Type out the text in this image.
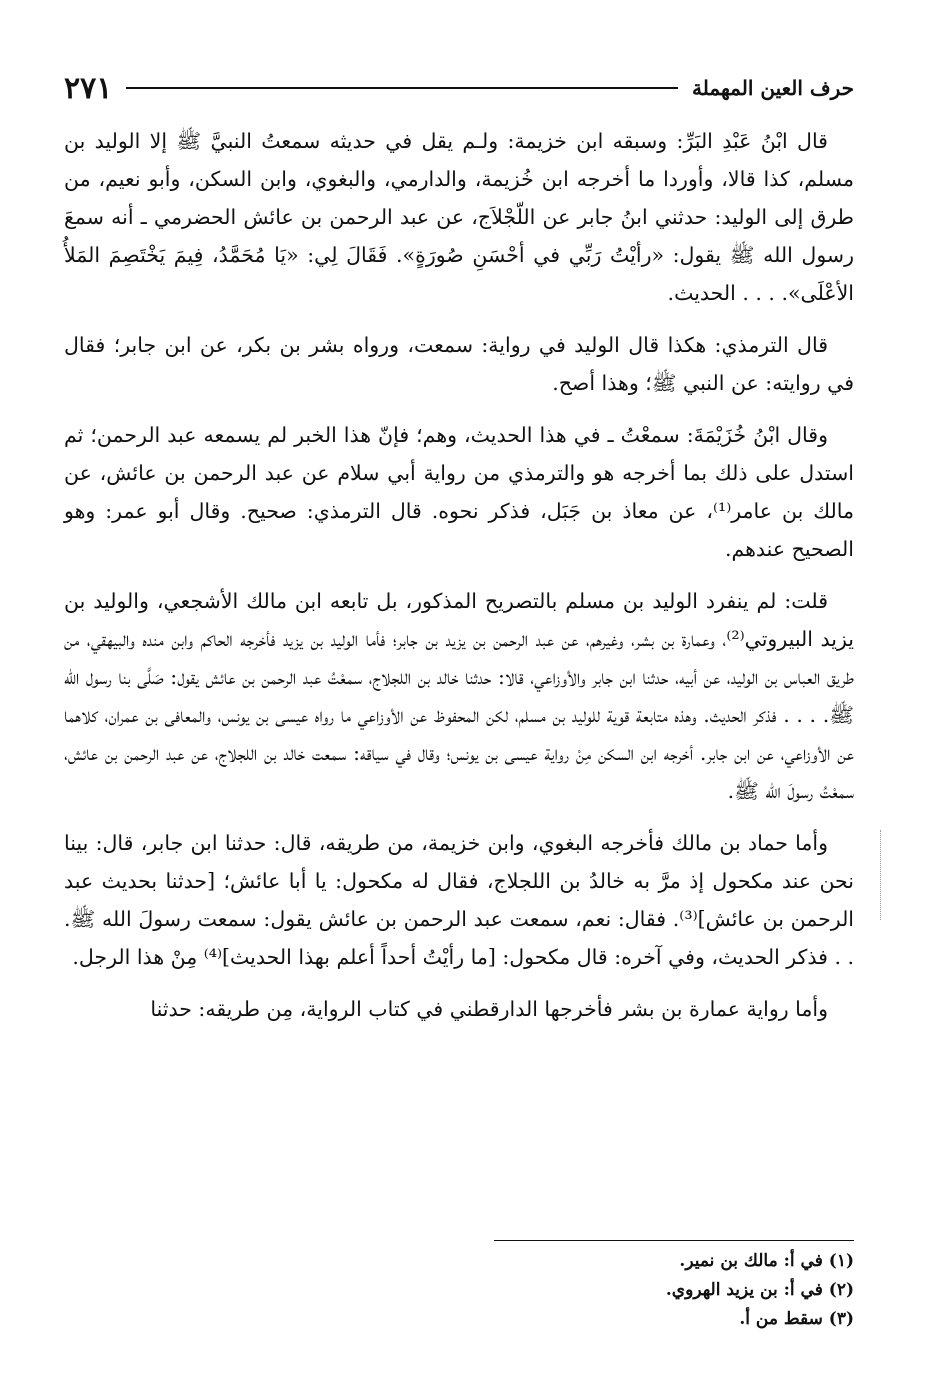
حرف العين المهملة
٢٧١

قال ابْنُ عَبْدِ البَرِّ: وسبقه ابن خزيمة: ولـم يقل في حديثه سمعتُ النبيَّ ﷺ إلا الوليد بن مسلم، كذا قالا، وأوردا ما أخرجه ابن خُزيمة، والدارمي، والبغوي، وابن السكن، وأبو نعيم، من طرق إلى الوليد: حدثني ابنُ جابر عن اللّجْلاَج، عن عبد الرحمن بن عائش الحضرمي ـ أنه سمعَ رسول الله ﷺ يقول: «رأيْتُ رَبِّي في أحْسَنِ صُورَةٍ». فَقَالَ لِي: «يَا مُحَمَّدُ، فِيمَ يَخْتَصِمَ المَلأُ الأعْلَى». . . . الحديث.

قال الترمذي: هكذا قال الوليد في رواية: سمعت، ورواه بشر بن بكر، عن ابن جابر؛ فقال في روايته: عن النبي ﷺ؛ وهذا أصح.

وقال ابْنُ خُزَيْمَةَ: سمعْتُ ـ في هذا الحديث، وهم؛ فإنّ هذا الخبر لم يسمعه عبد الرحمن؛ ثم استدل على ذلك بما أخرجه هو والترمذي من رواية أبي سلام عن عبد الرحمن بن عائش، عن مالك بن عامر⁽¹⁾، عن معاذ بن جَبَل، فذكر نحوه. قال الترمذي: صحيح. وقال أبو عمر: وهو الصحيح عندهم.

قلت: لم ينفرد الوليد بن مسلم بالتصريح المذكور، بل تابعه ابن مالك الأشجعي، والوليد بن يزيد البيروتي⁽²⁾، وعمارة بن بشر، وغيرهم، عن عبد الرحمن بن يزيد بن جابر؛ فأما الوليد بن يزيد فأخرجه الحاكم وابن منده والبيهقي، من طريق العباس بن الوليد، عن أبيه، حدثنا ابن جابر والأوزاعي، قالا: حدثنا خالد بن اللجلاج، سمعْتُ عبد الرحمن بن عائش يقول: صَلَّى بنا رسول الله ﷺ. . . . فذكر الحديث. وهذه متابعة قوية للوليد بن مسلم، لكن المحفوظ عن الأوزاعي ما رواه عيسى بن يونس، والمعافى بن عمران، كلاهما عن الأوزاعي، عن ابن جابر. أخرجه ابن السكن مِنْ رواية عيسى بن يونس؛ وقال في سياقه: سمعت خالد بن اللجلاج، عن عبد الرحمن بن عائش، سمعْتُ رسولَ الله ﷺ.

وأما حماد بن مالك فأخرجه البغوي، وابن خزيمة، من طريقه، قال: حدثنا ابن جابر، قال: بينا نحن عند مكحول إذ مرَّ به خالدُ بن اللجلاج، فقال له مكحول: يا أبا عائش؛ [حدثنا بحديث عبد الرحمن بن عائش]⁽³⁾. فقال: نعم، سمعت عبد الرحمن بن عائش يقول: سمعت رسولَ الله ﷺ. . . فذكر الحديث، وفي آخره: قال مكحول: [ما رأيْتُ أحداً أعلم بهذا الحديث]⁽⁴⁾ مِنْ هذا الرجل.

وأما رواية عمارة بن بشر فأخرجها الدارقطني في كتاب الرواية، مِن طريقه: حدثنا

(١) في أ: مالك بن نمير.
(٢) في أ: بن يزيد الهروي.
(٣) سقط من أ.
